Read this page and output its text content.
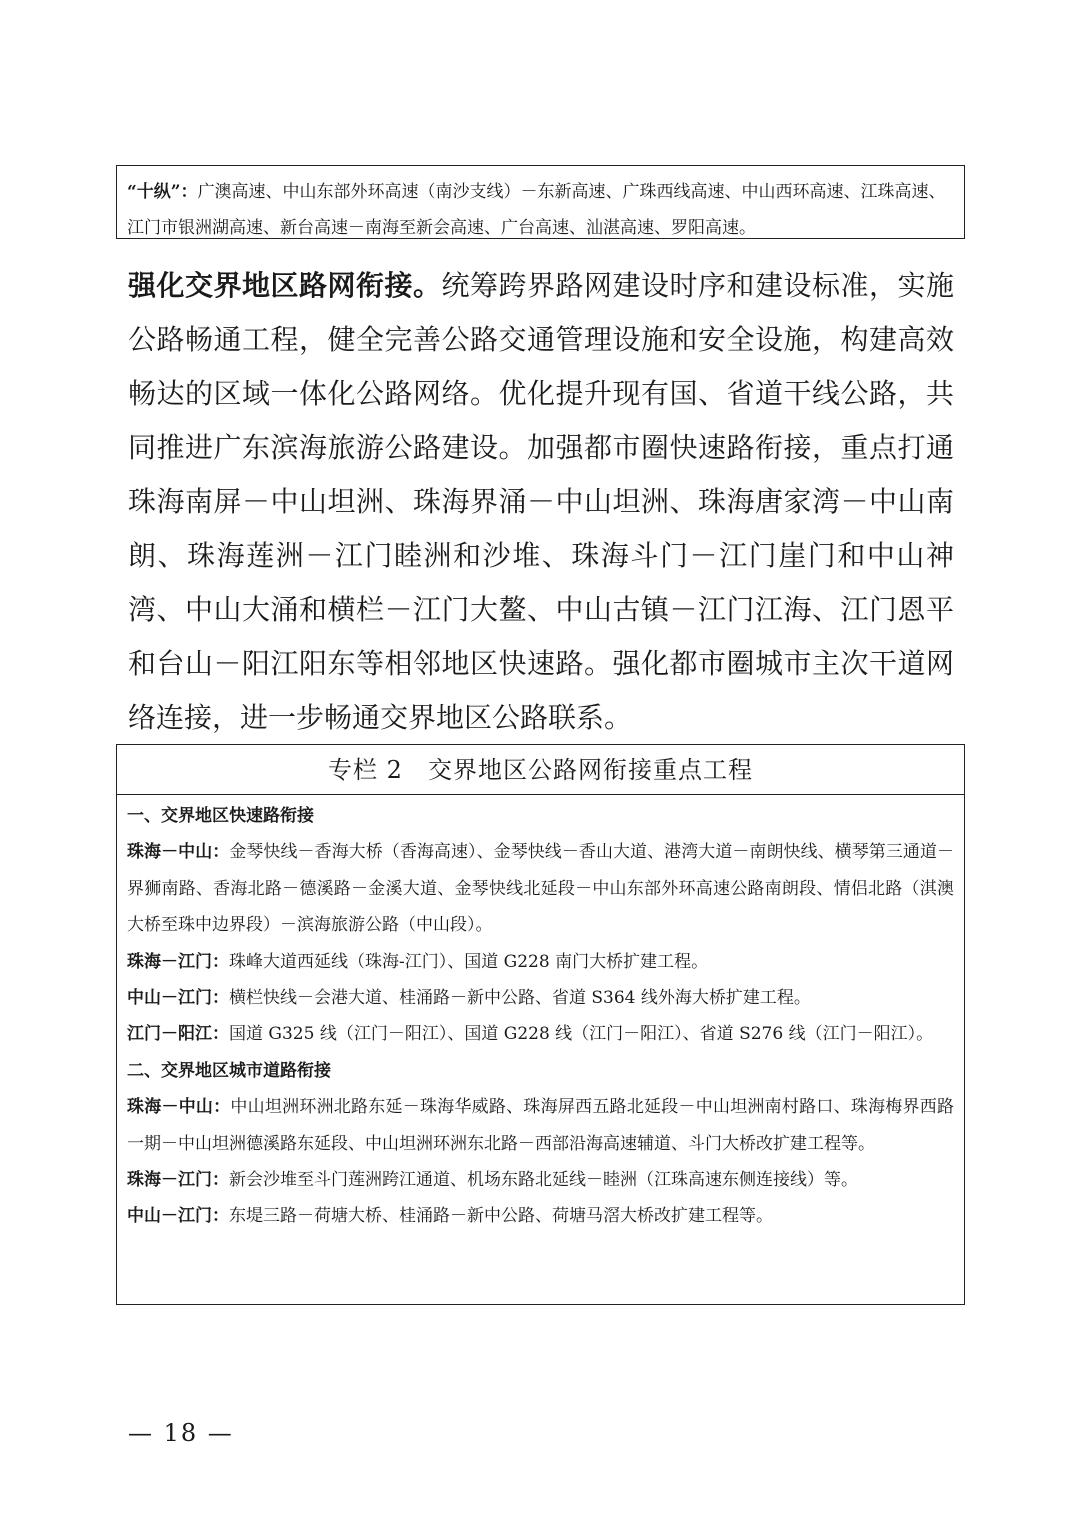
“十纵”：广澳高速、中山东部外环高速（南沙支线）－东新高速、广珠西线高速、中山西环高速、江珠高速、江门市银洲湖高速、新台高速－南海至新会高速、广台高速、汕湛高速、罗阳高速。

强化交界地区路网衔接。统筹跨界路网建设时序和建设标准，实施公路畅通工程，健全完善公路交通管理设施和安全设施，构建高效畅达的区域一体化公路网络。优化提升现有国、省道干线公路，共同推进广东滨海旅游公路建设。加强都市圈快速路衔接，重点打通珠海南屏－中山坦洲、珠海界涌－中山坦洲、珠海唐家湾－中山南朗、珠海莲洲－江门睦洲和沙堆、珠海斗门－江门崖门和中山神湾、中山大涌和横栏－江门大鳌、中山古镇－江门江海、江门恩平和台山－阳江阳东等相邻地区快速路。强化都市圈城市主次干道网络连接，进一步畅通交界地区公路联系。

专栏 2　交界地区公路网衔接重点工程

一、交界地区快速路衔接

珠海－中山：金琴快线－香海大桥（香海高速）、金琴快线－香山大道、港湾大道－南朗快线、横琴第三通道－界狮南路、香海北路－德溪路－金溪大道、金琴快线北延段－中山东部外环高速公路南朗段、情侣北路（淇澳大桥至珠中边界段）－滨海旅游公路（中山段）。

珠海－江门：珠峰大道西延线（珠海-江门）、国道 G228 南门大桥扩建工程。

中山－江门：横栏快线－会港大道、桂涌路－新中公路、省道 S364 线外海大桥扩建工程。

江门－阳江：国道 G325 线（江门－阳江）、国道 G228 线（江门－阳江）、省道 S276 线（江门－阳江）。

二、交界地区城市道路衔接

珠海－中山：中山坦洲环洲北路东延－珠海华威路、珠海屏西五路北延段－中山坦洲南村路口、珠海梅界西路一期－中山坦洲德溪路东延段、中山坦洲环洲东北路－西部沿海高速辅道、斗门大桥改扩建工程等。

珠海－江门：新会沙堆至斗门莲洲跨江通道、机场东路北延线－睦洲（江珠高速东侧连接线）等。

中山－江门：东堤三路－荷塘大桥、桂涌路－新中公路、荷塘马滘大桥改扩建工程等。

— 18 —
